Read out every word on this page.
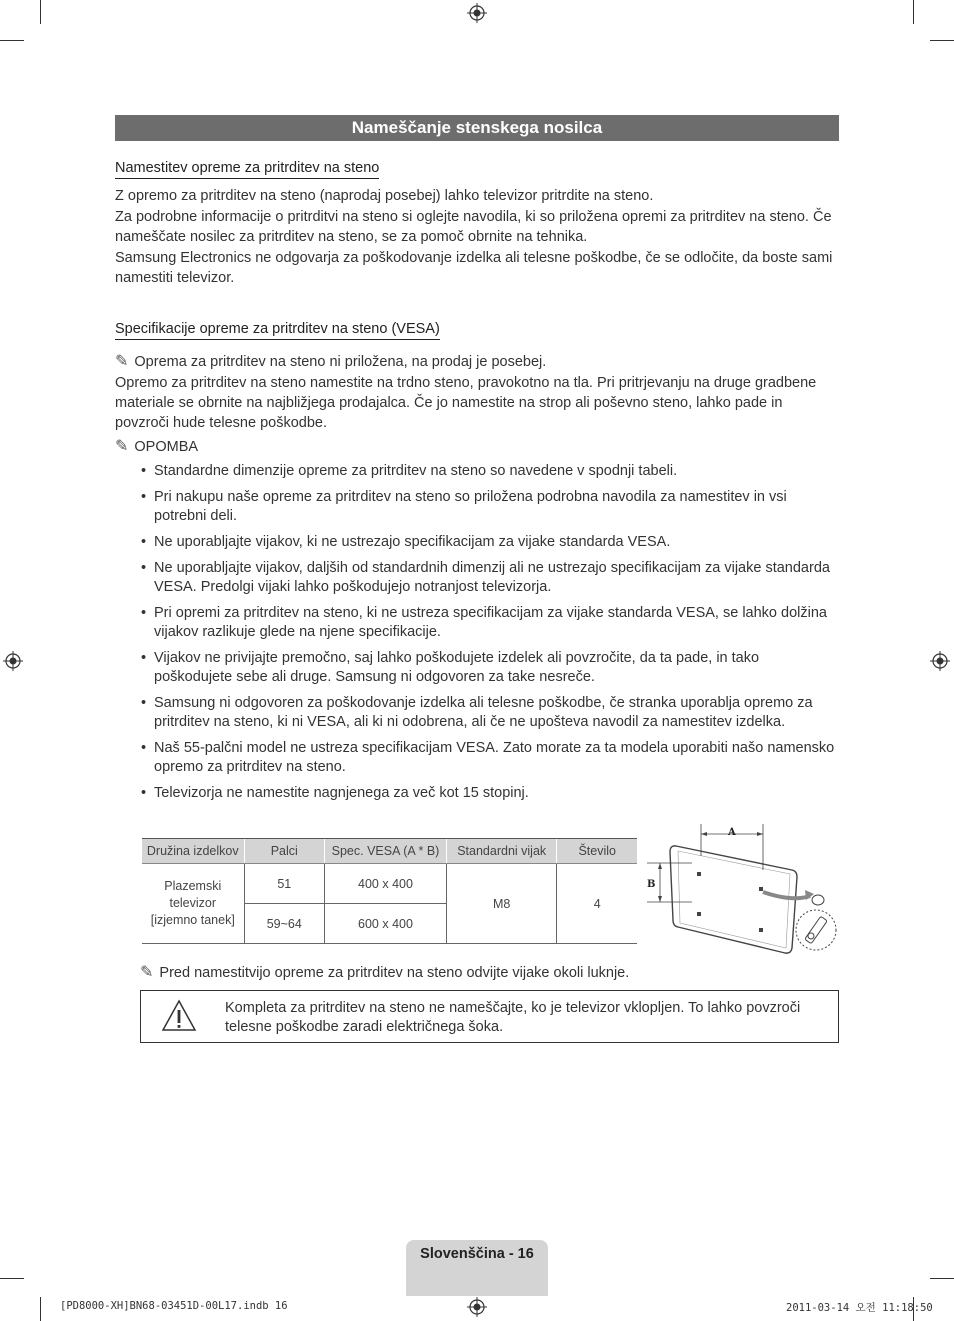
Nameščanje stenskega nosilca
Namestitev opreme za pritrditev na steno

Z opremo za pritrditev na steno (naprodaj posebej) lahko televizor pritrdite na steno.

Za podrobne informacije o pritrditvi na steno si oglejte navodila, ki so priložena opremi za pritrditev na steno. Če nameščate nosilec za pritrditev na steno, se za pomoč obrnite na tehnika.

Samsung Electronics ne odgovarja za poškodovanje izdelka ali telesne poškodbe, če se odločite, da boste sami namestiti televizor.

Specifikacije opreme za pritrditev na steno (VESA)
✎ Oprema za pritrditev na steno ni priložena, na prodaj je posebej.

Opremo za pritrditev na steno namestite na trdno steno, pravokotno na tla. Pri pritrjevanju na druge gradbene materiale se obrnite na najbližjega prodajalca. Če jo namestite na strop ali poševno steno, lahko pade in povzroči hude telesne poškodbe.

✎ OPOMBA
• Standardne dimenzije opreme za pritrditev na steno so navedene v spodnji tabeli.
• Pri nakupu naše opreme za pritrditev na steno so priložena podrobna navodila za namestitev in vsi potrebni deli.
• Ne uporabljajte vijakov, ki ne ustrezajo specifikacijam za vijake standarda VESA.
• Ne uporabljajte vijakov, daljših od standardnih dimenzij ali ne ustrezajo specifikacijam za vijake standarda VESA. Predolgi vijaki lahko poškodujejo notranjost televizorja.
• Pri opremi za pritrditev na steno, ki ne ustreza specifikacijam za vijake standarda VESA, se lahko dolžina vijakov razlikuje glede na njene specifikacije.
• Vijakov ne privijajte premočno, saj lahko poškodujete izdelek ali povzročite, da ta pade, in tako poškodujete sebe ali druge. Samsung ni odgovoren za take nesreče.
• Samsung ni odgovoren za poškodovanje izdelka ali telesne poškodbe, če stranka uporablja opremo za pritrditev na steno, ki ni VESA, ali ki ni odobrena, ali če ne upošteva navodil za namestitev izdelka.
• Naš 55-palčni model ne ustreza specifikacijam VESA. Zato morate za ta modela uporabiti našo namensko opremo za pritrditev na steno.
• Televizorja ne namestite nagnjenega za več kot 15 stopinj.
Družina izdelkov	Palci	Spec. VESA (A * B)	Standardni vijak	Število
Plazemski
televizor
[izjemno tanek]	51	400 x 400	M8	4
	59~64	600 x 400		
A
B
✎ Pred namestitvijo opreme za pritrditev na steno odvijte vijake okoli luknje.
Kompleta za pritrditev na steno ne nameščajte, ko je televizor vklopljen. To lahko povzroči telesne poškodbe zaradi električnega šoka.
Slovenščina - 16
[PD8000-XH]BN68-03451D-00L17.indb 16	2011-03-14 오전 11:18:50
